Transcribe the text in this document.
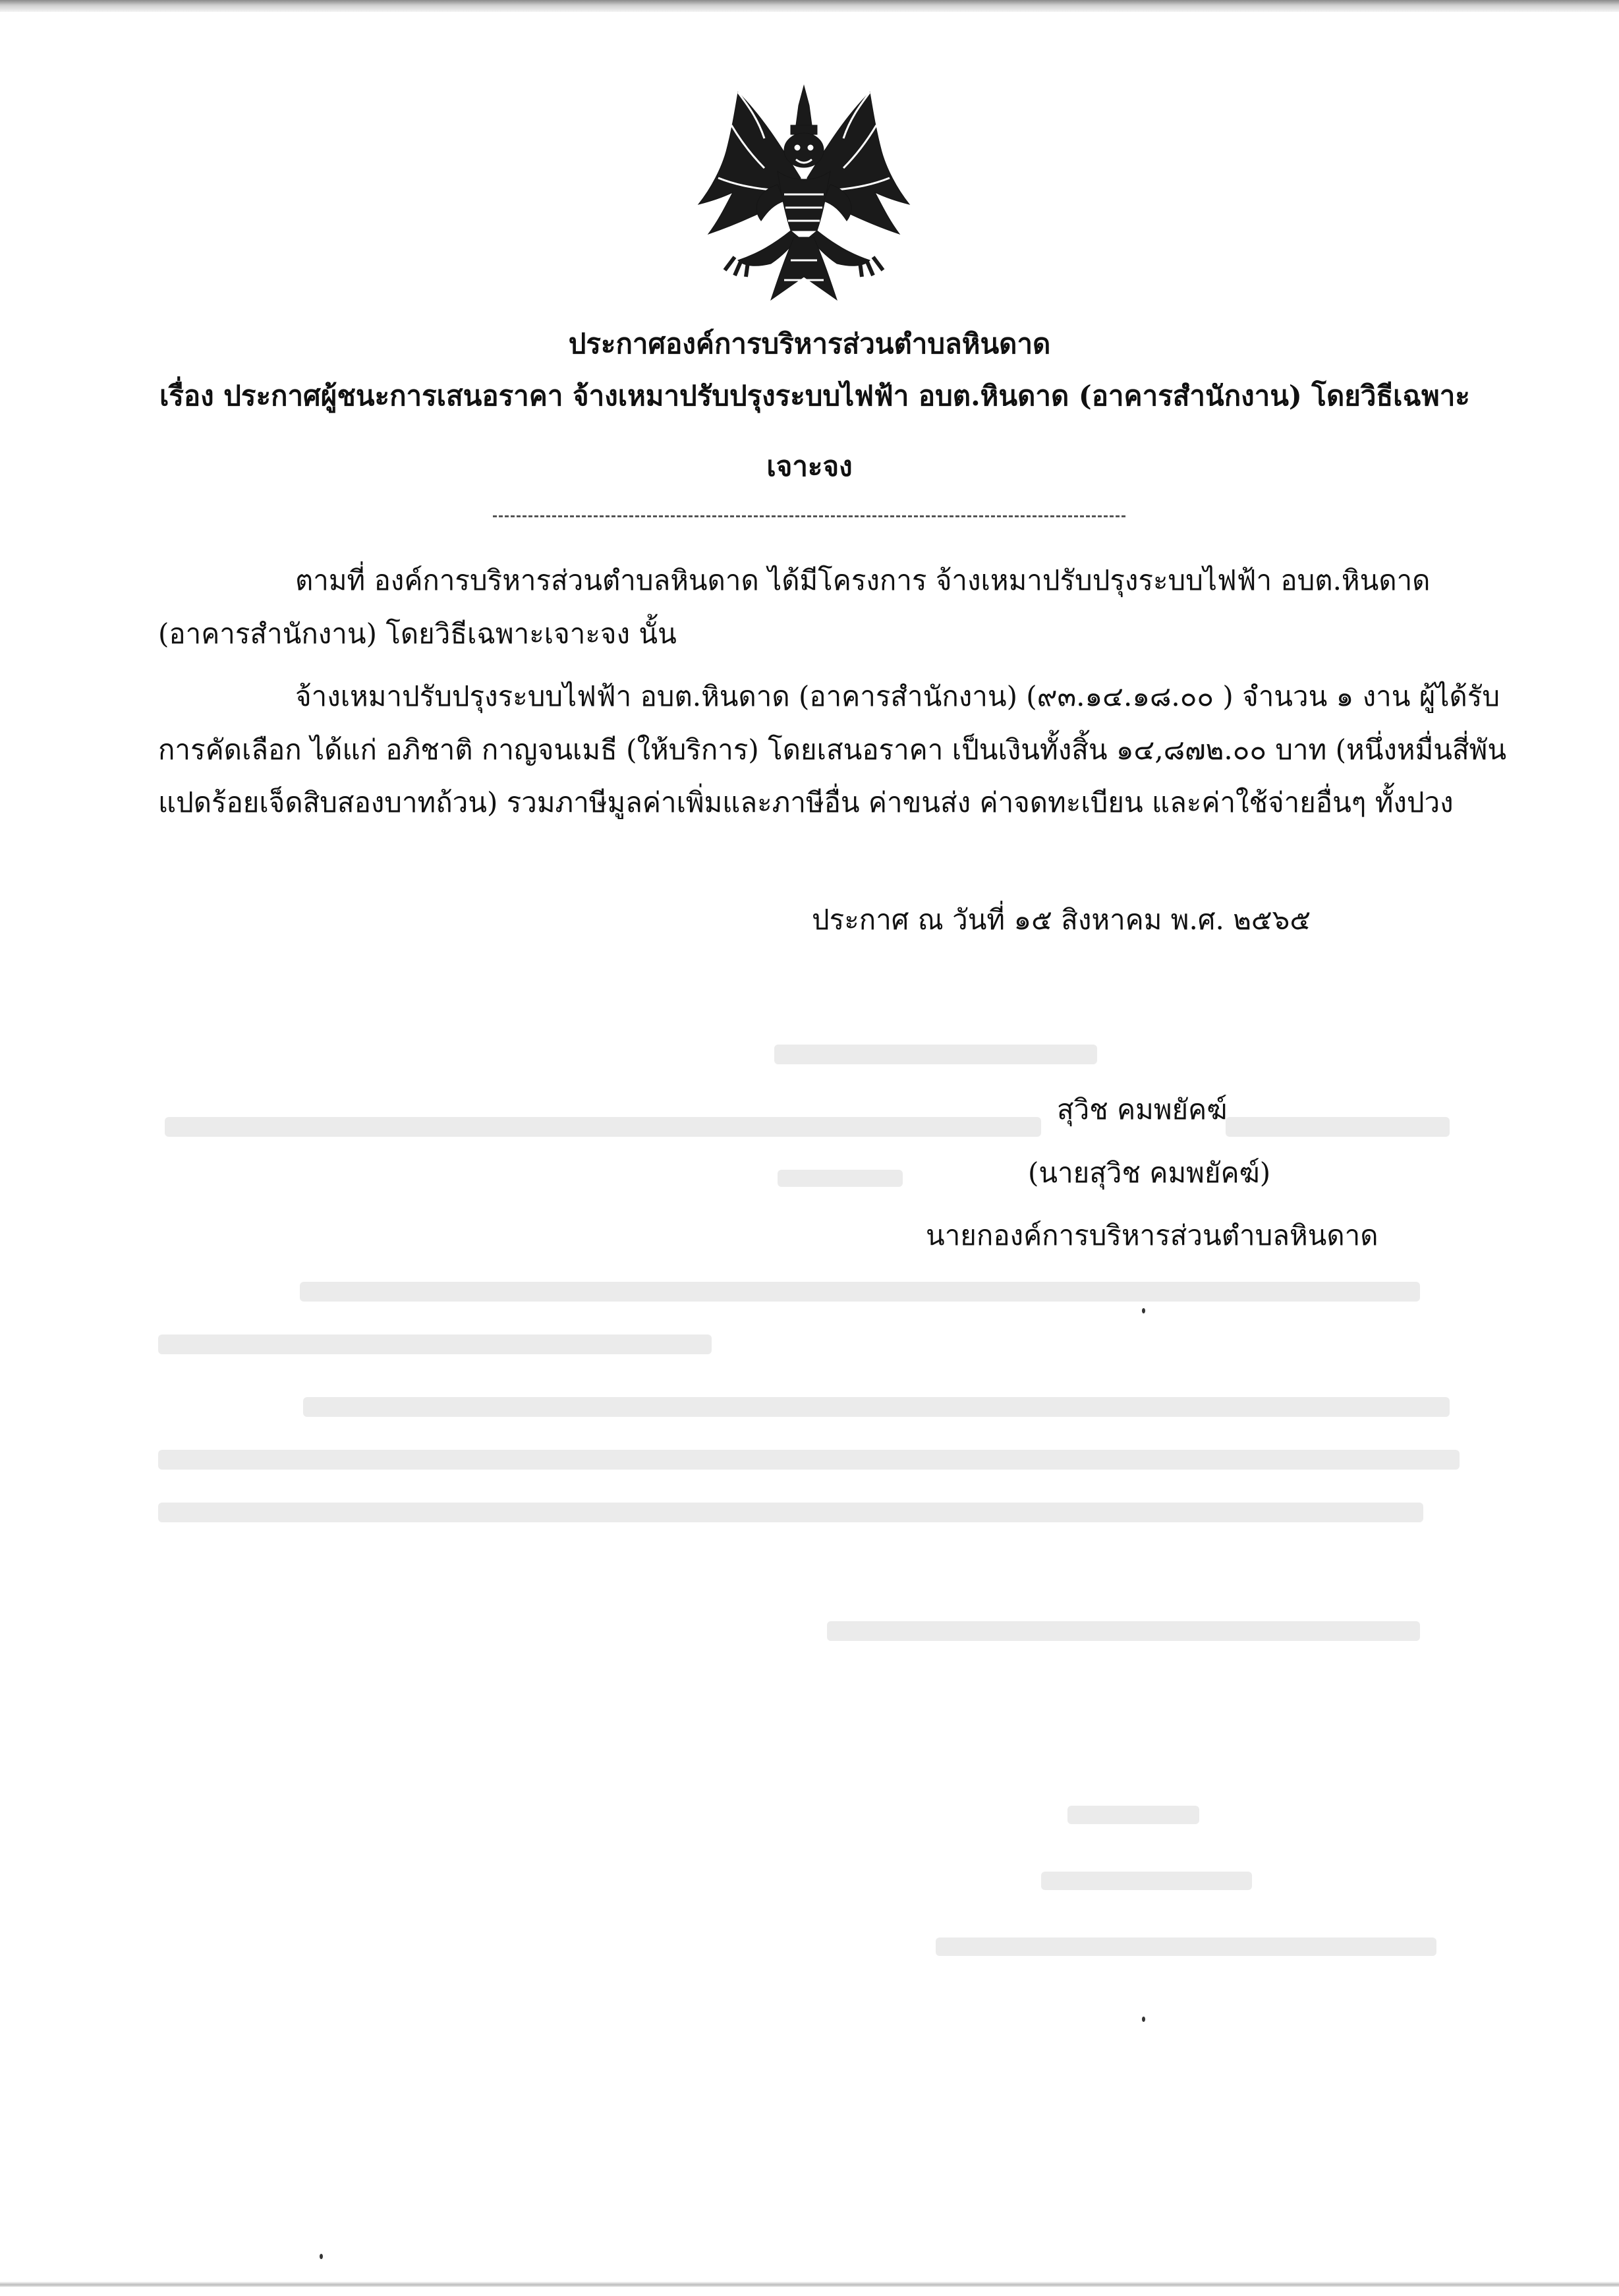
ประกาศองค์การบริหารส่วนตำบลหินดาด
เรื่อง ประกาศผู้ชนะการเสนอราคา จ้างเหมาปรับปรุงระบบไฟฟ้า อบต.หินดาด (อาคารสำนักงาน) โดยวิธีเฉพาะ
เจาะจง
ตามที่ องค์การบริหารส่วนตำบลหินดาด ได้มีโครงการ จ้างเหมาปรับปรุงระบบไฟฟ้า อบต.หินดาด
(อาคารสำนักงาน) โดยวิธีเฉพาะเจาะจง นั้น
จ้างเหมาปรับปรุงระบบไฟฟ้า อบต.หินดาด (อาคารสำนักงาน) (๙๓.๑๔.๑๘.๐๐ ) จำนวน ๑ งาน ผู้ได้รับ
การคัดเลือก ได้แก่ อภิชาติ กาญจนเมธี (ให้บริการ) โดยเสนอราคา เป็นเงินทั้งสิ้น ๑๔,๘๗๒.๐๐ บาท (หนึ่งหมื่นสี่พัน
แปดร้อยเจ็ดสิบสองบาทถ้วน) รวมภาษีมูลค่าเพิ่มและภาษีอื่น ค่าขนส่ง ค่าจดทะเบียน และค่าใช้จ่ายอื่นๆ ทั้งปวง
ประกาศ ณ วันที่ ๑๕ สิงหาคม พ.ศ. ๒๕๖๕
สุวิช คมพยัคฆ์
(นายสุวิช คมพยัคฆ์)
นายกองค์การบริหารส่วนตำบลหินดาด
